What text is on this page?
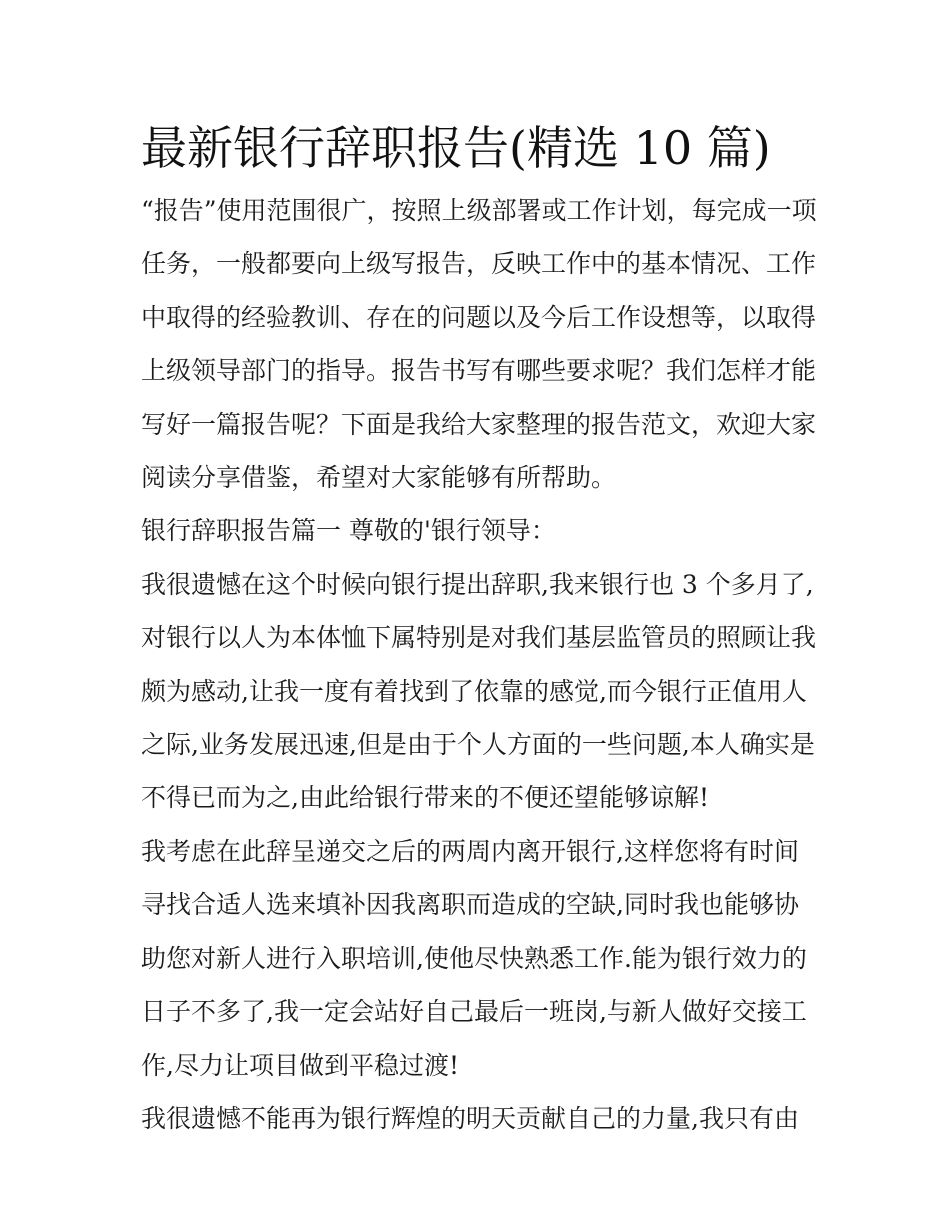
最新银行辞职报告(精选 10 篇)
“报告”使用范围很广，按照上级部署或工作计划，每完成一项
任务，一般都要向上级写报告，反映工作中的基本情况、工作
中取得的经验教训、存在的问题以及今后工作设想等，以取得
上级领导部门的指导。报告书写有哪些要求呢？我们怎样才能
写好一篇报告呢？下面是我给大家整理的报告范文，欢迎大家
阅读分享借鉴，希望对大家能够有所帮助。
银行辞职报告篇一 尊敬的'银行领导：
我很遗憾在这个时候向银行提出辞职,我来银行也 3 个多月了,
对银行以人为本体恤下属特别是对我们基层监管员的照顾让我
颇为感动,让我一度有着找到了依靠的感觉,而今银行正值用人
之际,业务发展迅速,但是由于个人方面的一些问题,本人确实是
不得已而为之,由此给银行带来的不便还望能够谅解!
我考虑在此辞呈递交之后的两周内离开银行,这样您将有时间
寻找合适人选来填补因我离职而造成的空缺,同时我也能够协
助您对新人进行入职培训,使他尽快熟悉工作.能为银行效力的
日子不多了,我一定会站好自己最后一班岗,与新人做好交接工
作,尽力让项目做到平稳过渡!
我很遗憾不能再为银行辉煌的明天贡献自己的力量,我只有由
